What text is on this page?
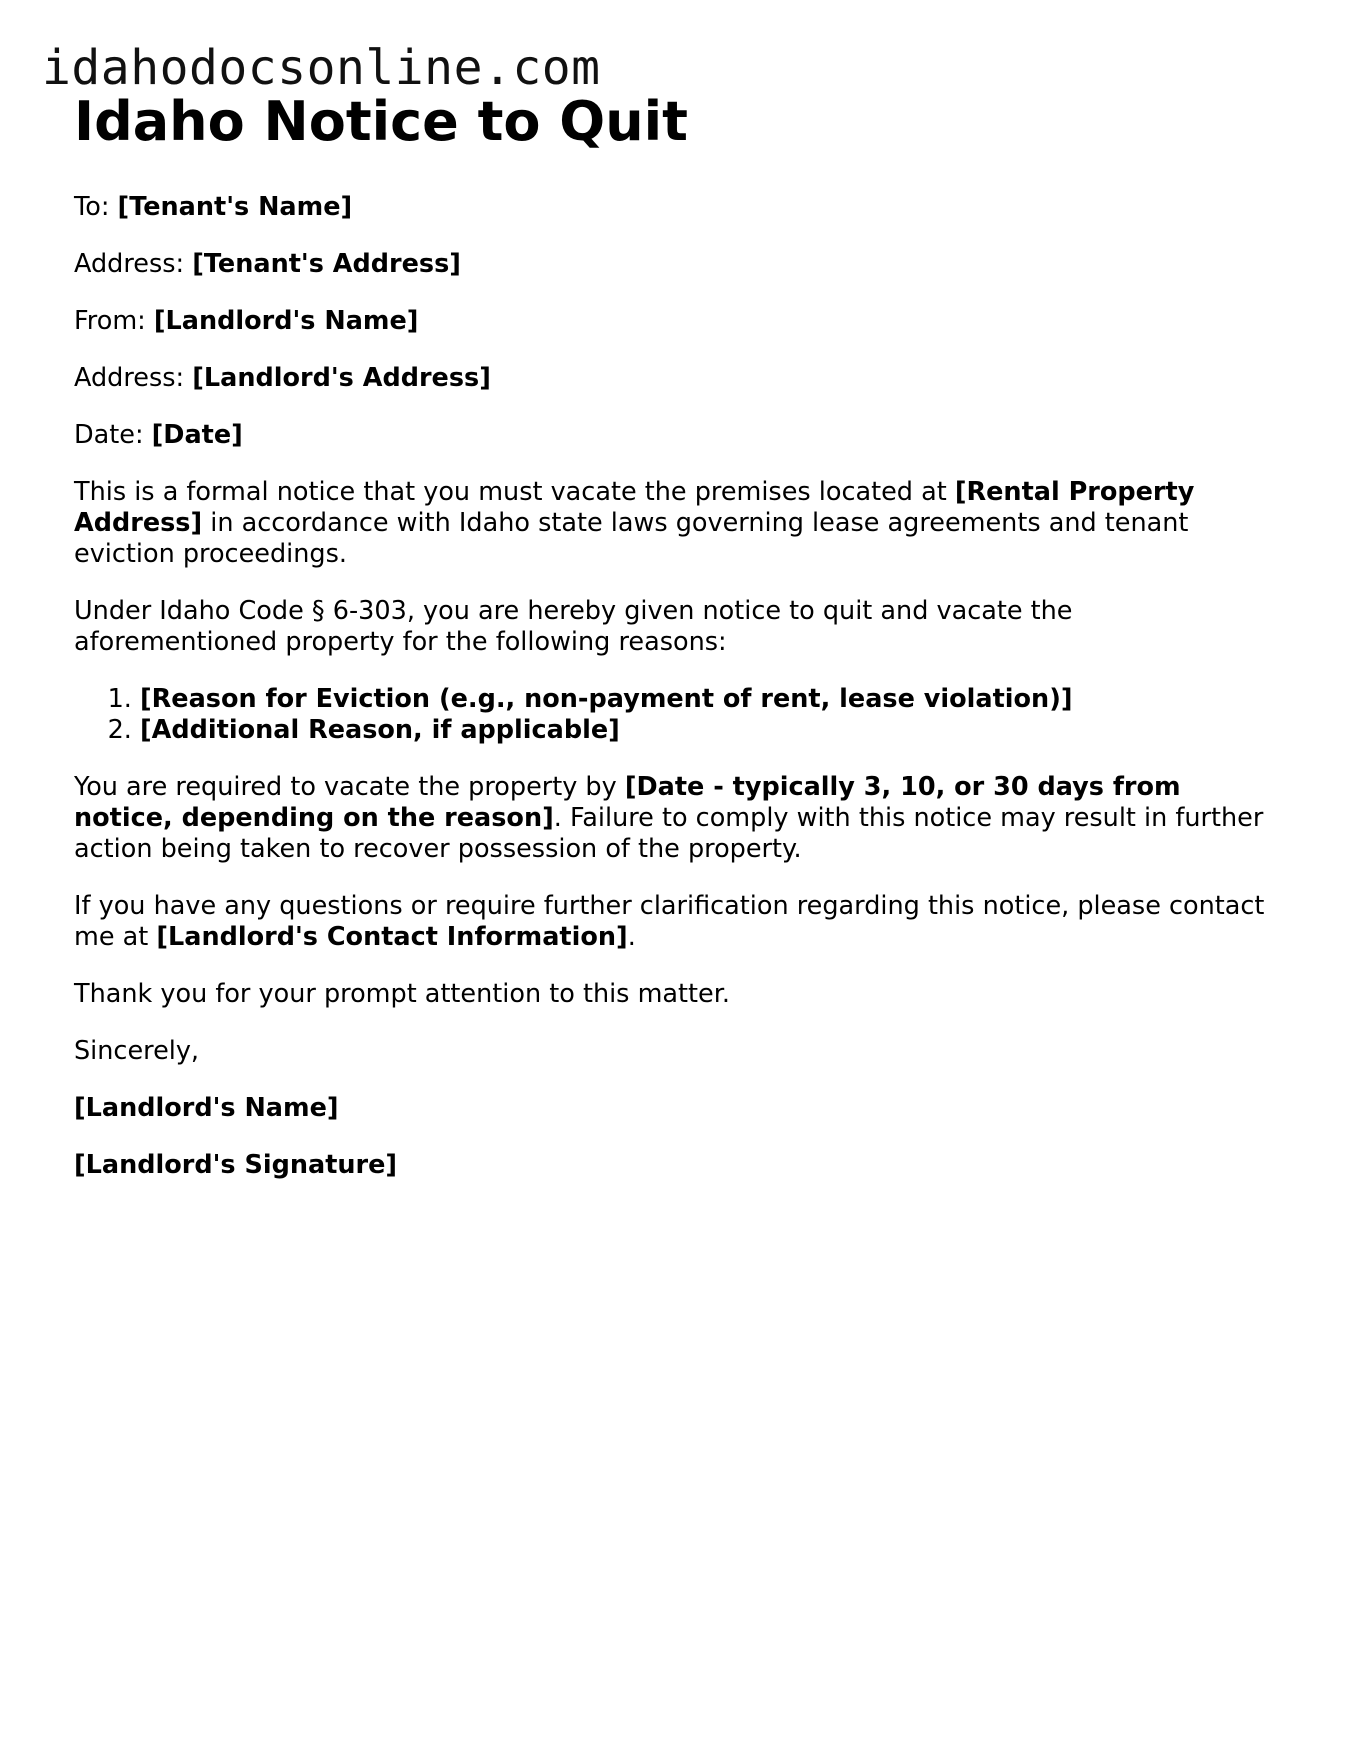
idahodocsonline.com
Idaho Notice to Quit

To: [Tenant's Name]

Address: [Tenant's Address]

From: [Landlord's Name]

Address: [Landlord's Address]

Date: [Date]

This is a formal notice that you must vacate the premises located at [Rental Property Address] in accordance with Idaho state laws governing lease agreements and tenant eviction proceedings.

Under Idaho Code § 6-303, you are hereby given notice to quit and vacate the aforementioned property for the following reasons:

1. [Reason for Eviction (e.g., non-payment of rent, lease violation)]
2. [Additional Reason, if applicable]

You are required to vacate the property by [Date - typically 3, 10, or 30 days from notice, depending on the reason]. Failure to comply with this notice may result in further action being taken to recover possession of the property.

If you have any questions or require further clarification regarding this notice, please contact me at [Landlord's Contact Information].

Thank you for your prompt attention to this matter.

Sincerely,

[Landlord's Name]

[Landlord's Signature]
